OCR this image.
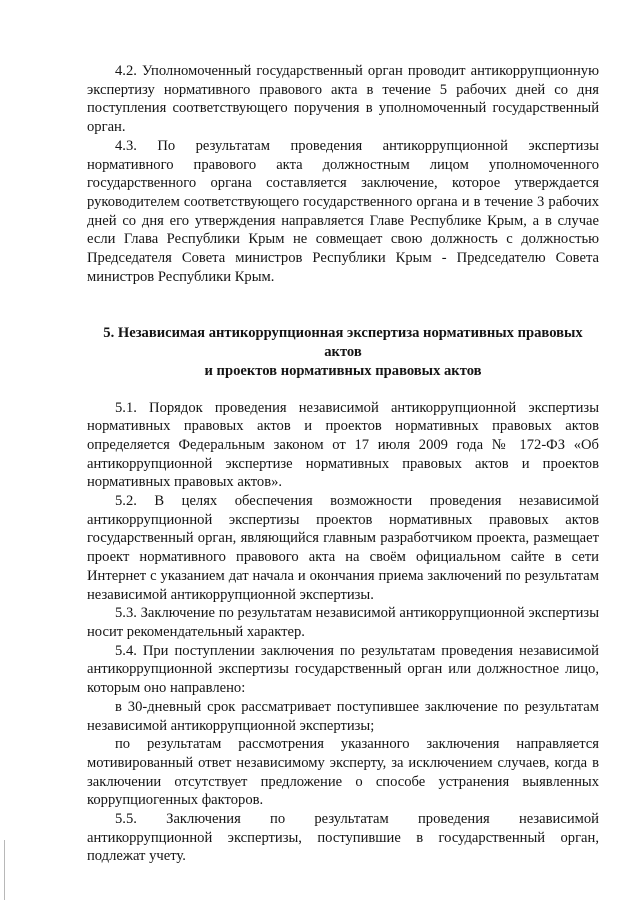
4.2. Уполномоченный государственный орган проводит антикоррупционную экспертизу нормативного правового акта в течение 5 рабочих дней со дня поступления соответствующего поручения в уполномоченный государственный орган.

4.3. По результатам проведения антикоррупционной экспертизы нормативного правового акта должностным лицом уполномоченного государственного органа составляется заключение, которое утверждается руководителем соответствующего государственного органа и в течение 3 рабочих дней со дня его утверждения направляется Главе Республике Крым, а в случае если Глава Республики Крым не совмещает свою должность с должностью Председателя Совета министров Республики Крым - Председателю Совета министров Республики Крым.

5. Независимая антикоррупционная экспертиза нормативных правовых актов
и проектов нормативных правовых актов

5.1. Порядок проведения независимой антикоррупционной экспертизы нормативных правовых актов и проектов нормативных правовых актов определяется Федеральным законом от 17 июля 2009 года № 172-ФЗ «Об антикоррупционной экспертизе нормативных правовых актов и проектов нормативных правовых актов».

5.2. В целях обеспечения возможности проведения независимой антикоррупционной экспертизы проектов нормативных правовых актов государственный орган, являющийся главным разработчиком проекта, размещает проект нормативного правового акта на своём официальном сайте в сети Интернет с указанием дат начала и окончания приема заключений по результатам независимой антикоррупционной экспертизы.

5.3. Заключение по результатам независимой антикоррупционной экспертизы носит рекомендательный характер.

5.4. При поступлении заключения по результатам проведения независимой антикоррупционной экспертизы государственный орган или должностное лицо, которым оно направлено:

в 30-дневный срок рассматривает поступившее заключение по результатам независимой антикоррупционной экспертизы;

по результатам рассмотрения указанного заключения направляется мотивированный ответ независимому эксперту, за исключением случаев, когда в заключении отсутствует предложение о способе устранения выявленных коррупциогенных факторов.

5.5. Заключения по результатам проведения независимой антикоррупционной экспертизы, поступившие в государственный орган, подлежат учету.
